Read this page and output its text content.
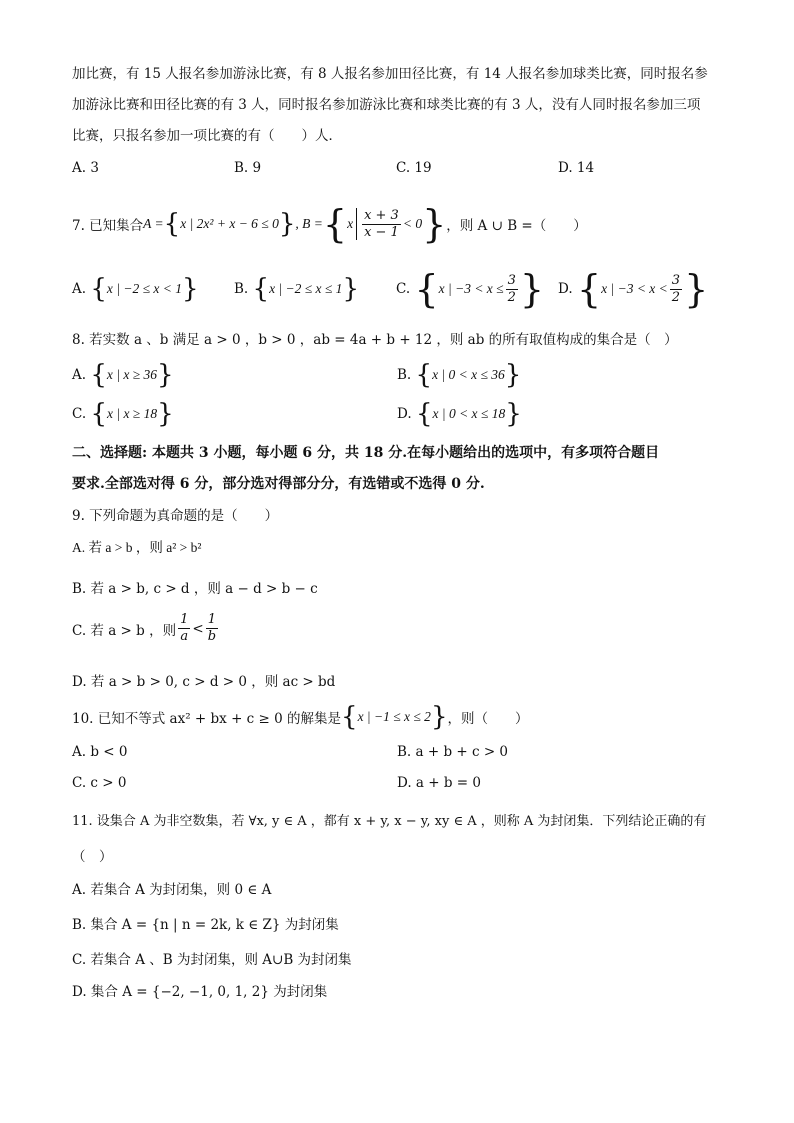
加比赛，有 15 人报名参加游泳比赛，有 8 人报名参加田径比赛，有 14 人报名参加球类比赛，同时报名参
加游泳比赛和田径比赛的有 3 人，同时报名参加游泳比赛和球类比赛的有 3 人，没有人同时报名参加三项
比赛，只报名参加一项比赛的有（　　）人．
A. 3	B. 9	C. 19	D. 14
7. 已知集合 A = { x | 2x² + x − 6 ≤ 0 } , B = { x $\frac{x + 3}{x - 1} < 0$ } ，则 A ∪ B =（　　）
A.
{ x | −2 ≤ x < 1 }	B.
{ x | −2 ≤ x ≤ 1 }	C.
{ x | $-3 < x \le \frac{3}{2}$ } D.
{ x | $-3 < x < \frac{3}{2}$ }
8. 若实数 a 、b 满足 a > 0 ，b > 0 ，ab = 4a + b + 12 ，则 ab 的所有取值构成的集合是（　）
A.
{ x | x ≥ 36 }	B.
{ x | 0 < x ≤ 36 }
C.
{ x | x ≥ 18 }	D.
{ x | 0 < x ≤ 18 }
二、选择题: 本题共 3 小题，每小题 6 分，共 18 分.在每小题给出的选项中，有多项符合题目
要求.全部选对得 6 分，部分选对得部分分，有选错或不选得 0 分.
9. 下列命题为真命题的是（　　）
A. 若 a > b ，则 a² > b²
B. 若 a > b, c > d ，则 a − d > b − c
C. 若 a > b ，则 $\frac{1}{a} < \frac{1}{b}$
D. 若 a > b > 0, c > d > 0 ，则 ac > bd
10. 已知不等式 ax² + bx + c ≥ 0 的解集是 { x | −1 ≤ x ≤ 2 } ，则（　　）
A. b < 0	B. a + b + c > 0
C. c > 0	D. a + b = 0
11. 设集合 A 为非空数集，若 ∀x, y ∈ A ，都有 x + y, x − y, xy ∈ A ，则称 A 为封闭集．下列结论正确的有
（　）
A. 若集合 A 为封闭集，则 0 ∈ A
B. 集合 A = {n | n = 2k, k ∈ Z} 为封闭集
C. 若集合 A 、B 为封闭集，则 A∪B 为封闭集
D. 集合 A = {−2, −1, 0, 1, 2} 为封闭集
